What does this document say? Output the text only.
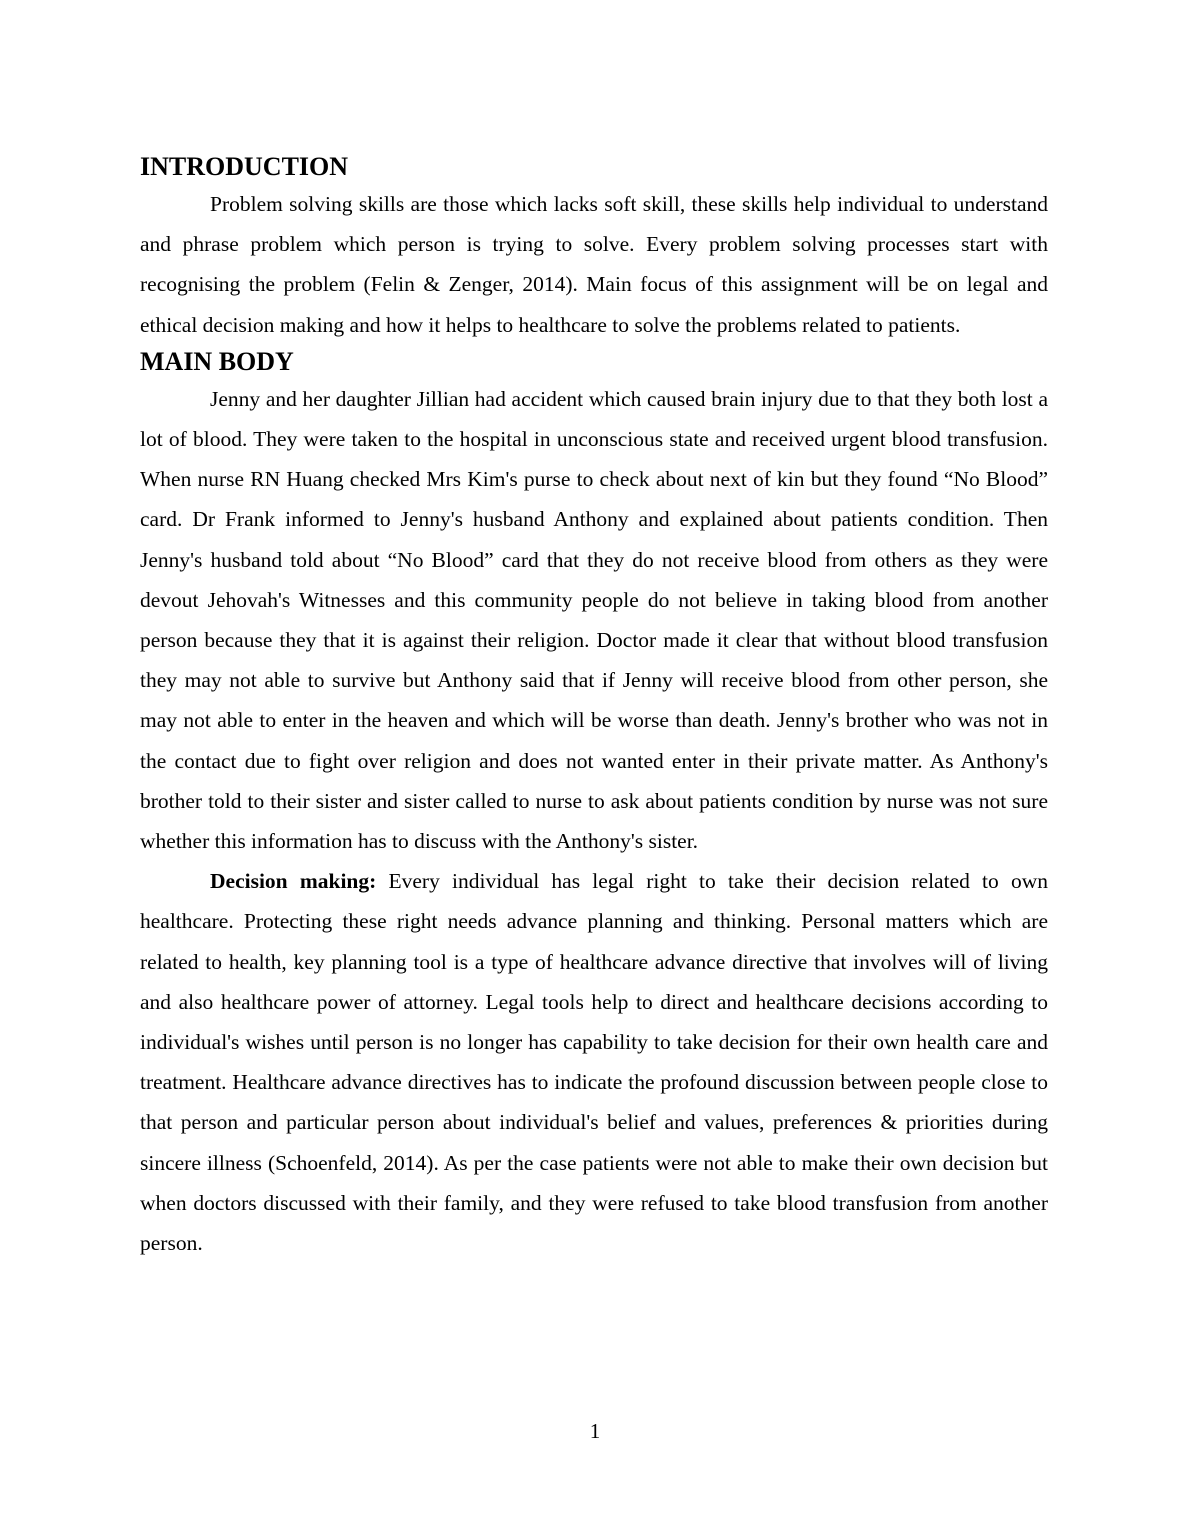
INTRODUCTION

Problem solving skills are those which lacks soft skill, these skills help individual to understand and phrase problem which person is trying to solve. Every problem solving processes start with recognising the problem (Felin & Zenger, 2014). Main focus of this assignment will be on legal and ethical decision making and how it helps to healthcare to solve the problems related to patients.

MAIN BODY

Jenny and her daughter Jillian had accident which caused brain injury due to that they both lost a lot of blood. They were taken to the hospital in unconscious state and received urgent blood transfusion. When nurse RN Huang checked Mrs Kim's purse to check about next of kin but they found “No Blood” card. Dr Frank informed to Jenny's husband Anthony and explained about patients condition. Then Jenny's husband told about “No Blood” card that they do not receive blood from others as they were devout Jehovah's Witnesses and this community people do not believe in taking blood from another person because they that it is against their religion. Doctor made it clear that without blood transfusion they may not able to survive but Anthony said that if Jenny will receive blood from other person, she may not able to enter in the heaven and which will be worse than death. Jenny's brother who was not in the contact due to fight over religion and does not wanted enter in their private matter. As Anthony's brother told to their sister and sister called to nurse to ask about patients condition by nurse was not sure whether this information has to discuss with the Anthony's sister.

Decision making: Every individual has legal right to take their decision related to own healthcare. Protecting these right needs advance planning and thinking. Personal matters which are related to health, key planning tool is a type of healthcare advance directive that involves will of living and also healthcare power of attorney. Legal tools help to direct and healthcare decisions according to individual's wishes until person is no longer has capability to take decision for their own health care and treatment. Healthcare advance directives has to indicate the profound discussion between people close to that person and particular person about individual's belief and values, preferences & priorities during sincere illness (Schoenfeld, 2014). As per the case patients were not able to make their own decision but when doctors discussed with their family, and they were refused to take blood transfusion from another person.

1
